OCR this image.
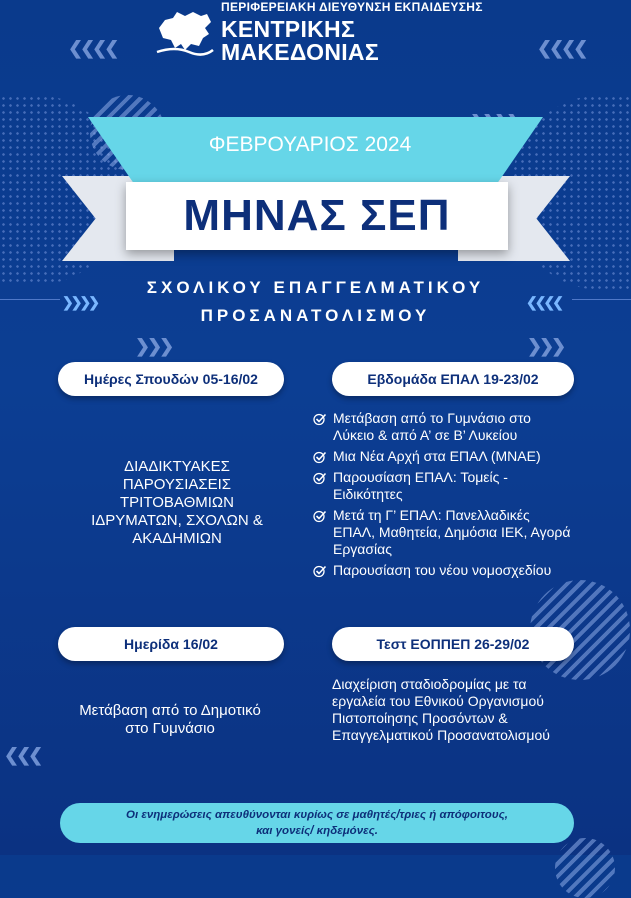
❮❮❮❮	❮❮❮❮
❯❯❯❯	❮❮❮❮
❯❯❯	❯❯❯
❮❮❮
ΠΕΡΙΦΕΡΕΙΑΚΗ ΔΙΕΥΘΥΝΣΗ ΕΚΠΑΙΔΕΥΣΗΣ
ΚΕΝΤΡΙΚΗΣ ΜΑΚΕΔΟΝΙΑΣ
ΦΕΒΡΟΥΑΡΙΟΣ 2024
ΜΗΝΑΣ ΣΕΠ
ΣΧΟΛΙΚΟΥ ΕΠΑΓΓΕΛΜΑΤΙΚΟΥ
ΠΡΟΣΑΝΑΤΟΛΙΣΜΟΥ
Ημέρες Σπουδών 05-16/02	Εβδομάδα ΕΠΑΛ 19-23/02
Ημερίδα 16/02	Τεστ ΕΟΠΠΕΠ 26-29/02
ΔΙΑΔΙΚΤΥΑΚΕΣ ΠΑΡΟΥΣΙΑΣΕΙΣ ΤΡΙΤΟΒΑΘΜΙΩΝ ΙΔΡΥΜΑΤΩΝ, ΣΧΟΛΩΝ & ΑΚΑΔΗΜΙΩΝ
Μετάβαση από το Γυμνάσιο στο Λύκειο & από Α’ σε Β’ Λυκείου
Μια Νέα Αρχή στα ΕΠΑΛ (ΜΝΑΕ)
Παρουσίαση ΕΠΑΛ: Τομείς - Ειδικότητες
Μετά τη Γ’ ΕΠΑΛ: Πανελλαδικές ΕΠΑΛ, Μαθητεία, Δημόσια ΙΕΚ, Αγορά Εργασίας
Παρουσίαση του νέου νομοσχεδίου
Μετάβαση από το Δημοτικό στο Γυμνάσιο
Διαχείριση σταδιοδρομίας με τα εργαλεία του Εθνικού Οργανισμού Πιστοποίησης Προσόντων & Επαγγελματικού Προσανατολισμού
Οι ενημερώσεις απευθύνονται κυρίως σε μαθητές/τριες ή απόφοιτους,
και γονείς/ κηδεμόνες.
